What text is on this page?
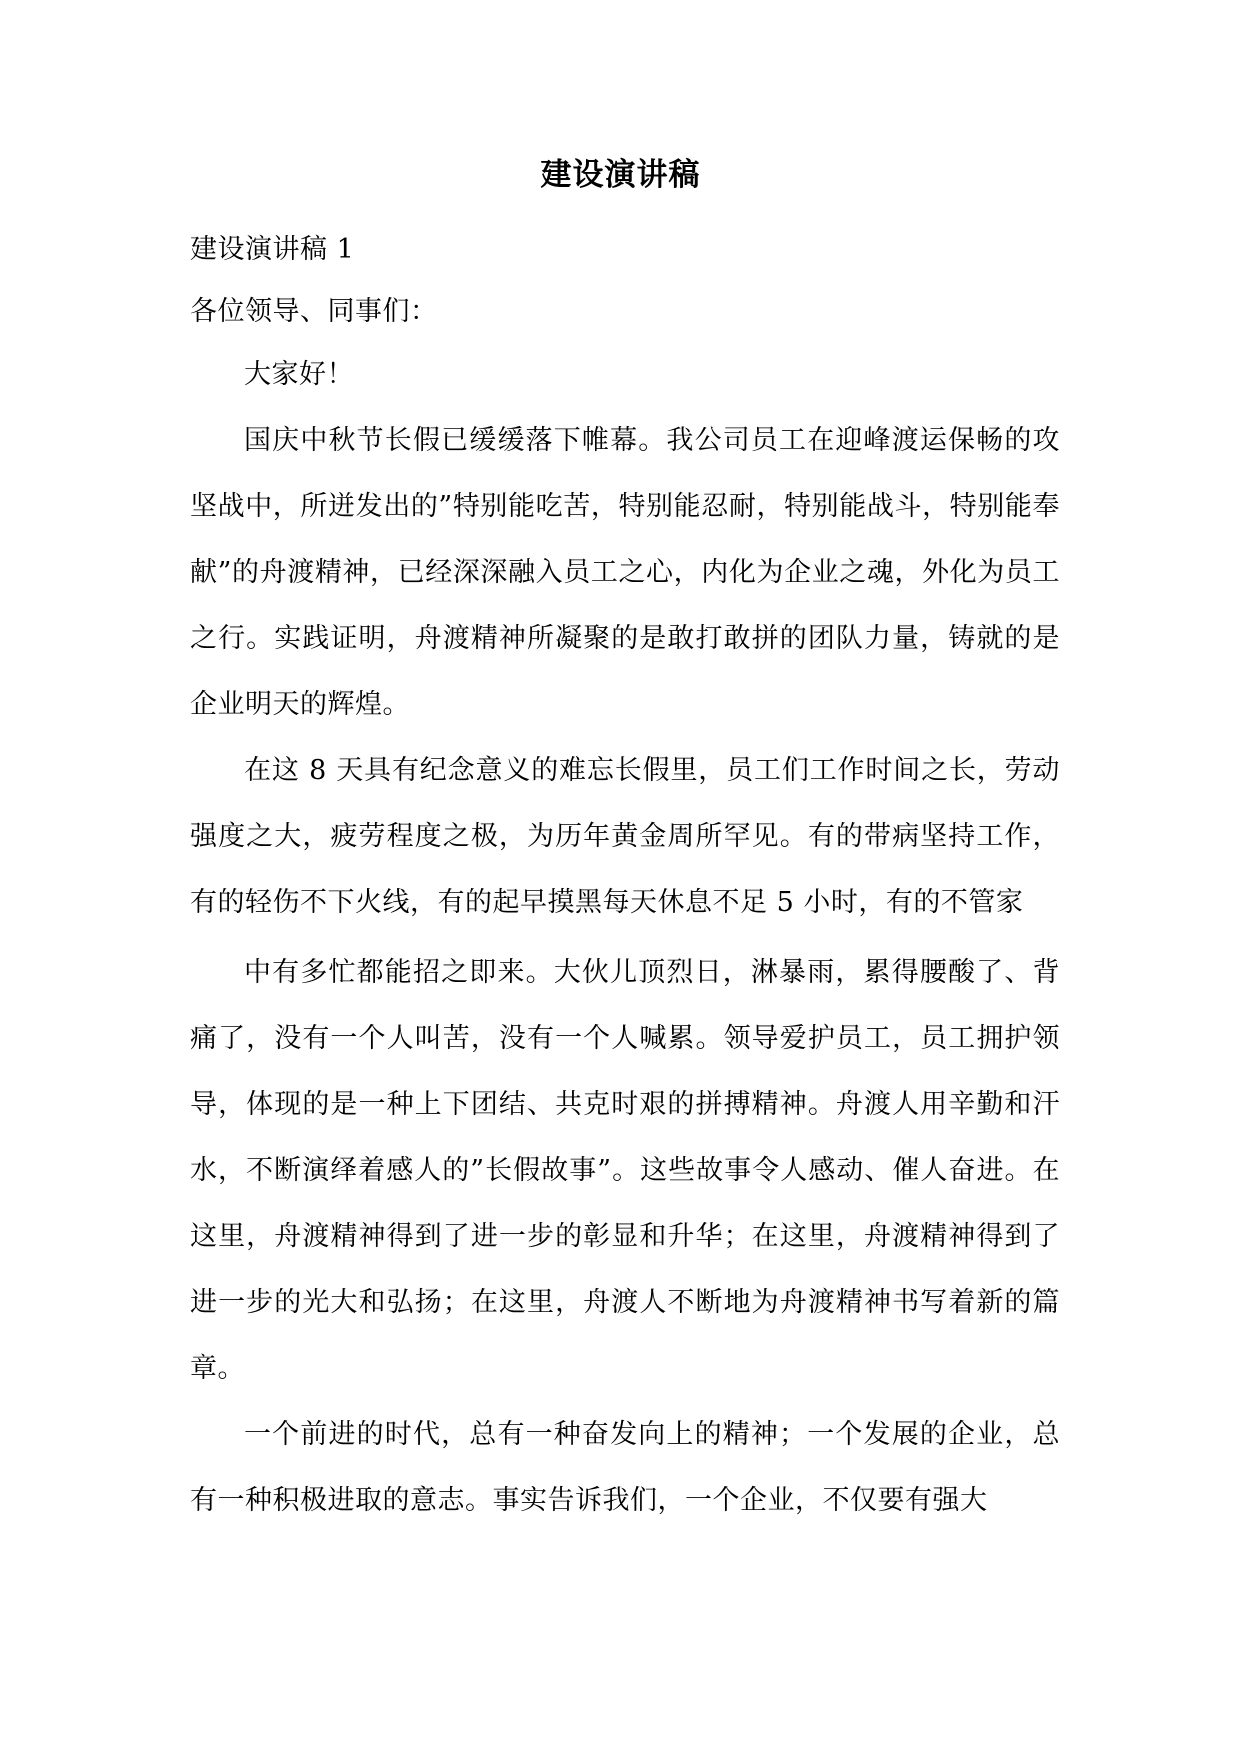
建设演讲稿
建设演讲稿 1
各位领导、同事们：

大家好！

国庆中秋节长假已缓缓落下帷幕。我公司员工在迎峰渡运保畅的攻坚战中，所迸发出的”特别能吃苦，特别能忍耐，特别能战斗，特别能奉献”的舟渡精神，已经深深融入员工之心，内化为企业之魂，外化为员工之行。实践证明，舟渡精神所凝聚的是敢打敢拼的团队力量，铸就的是企业明天的辉煌。

在这 8 天具有纪念意义的难忘长假里，员工们工作时间之长，劳动强度之大，疲劳程度之极，为历年黄金周所罕见。有的带病坚持工作，有的轻伤不下火线，有的起早摸黑每天休息不足 5 小时，有的不管家

中有多忙都能招之即来。大伙儿顶烈日，淋暴雨，累得腰酸了、背痛了，没有一个人叫苦，没有一个人喊累。领导爱护员工，员工拥护领导，体现的是一种上下团结、共克时艰的拼搏精神。舟渡人用辛勤和汗水，不断演绎着感人的”长假故事”。这些故事令人感动、催人奋进。在这里，舟渡精神得到了进一步的彰显和升华；在这里，舟渡精神得到了进一步的光大和弘扬；在这里，舟渡人不断地为舟渡精神书写着新的篇章。

一个前进的时代，总有一种奋发向上的精神；一个发展的企业，总有一种积极进取的意志。事实告诉我们，一个企业，不仅要有强大
